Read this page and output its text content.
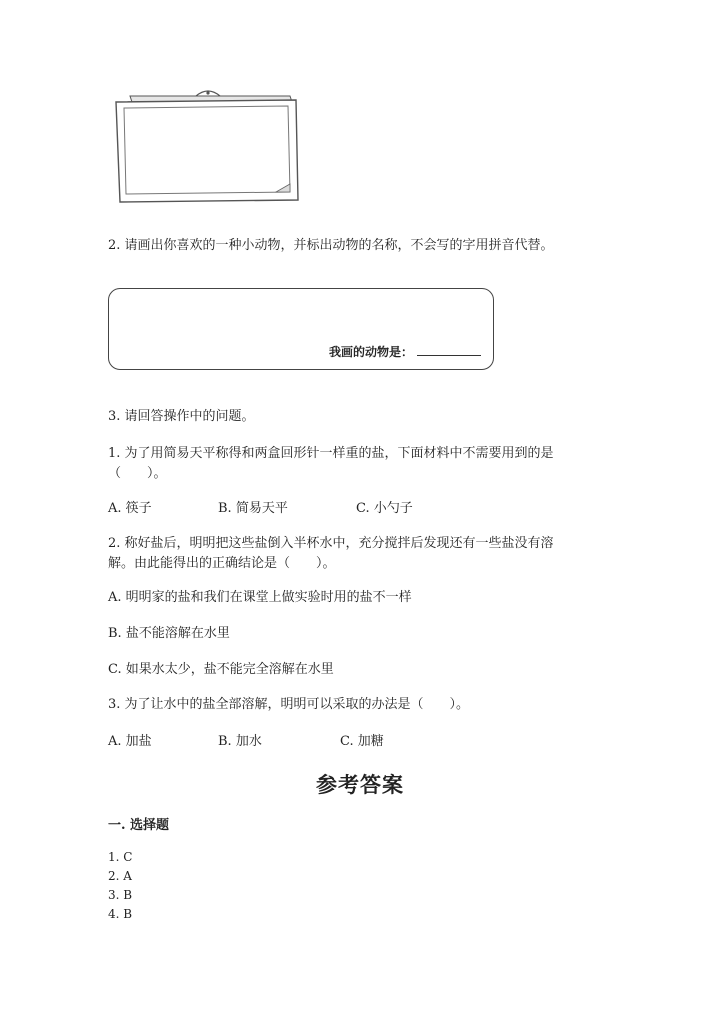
2. 请画出你喜欢的一种小动物，并标出动物的名称，不会写的字用拼音代替。
我画的动物是：
3. 请回答操作中的问题。
1. 为了用简易天平称得和两盒回形针一样重的盐，下面材料中不需要用到的是
（　　）。
A. 筷子	B. 简易天平	C. 小勺子
2. 称好盐后，明明把这些盐倒入半杯水中，充分搅拌后发现还有一些盐没有溶
解。由此能得出的正确结论是（　　）。
A. 明明家的盐和我们在课堂上做实验时用的盐不一样
B. 盐不能溶解在水里
C. 如果水太少，盐不能完全溶解在水里
3. 为了让水中的盐全部溶解，明明可以采取的办法是（　　）。
A. 加盐	B. 加水	C. 加糖
参考答案
一. 选择题
1. C
2. A
3. B
4. B
